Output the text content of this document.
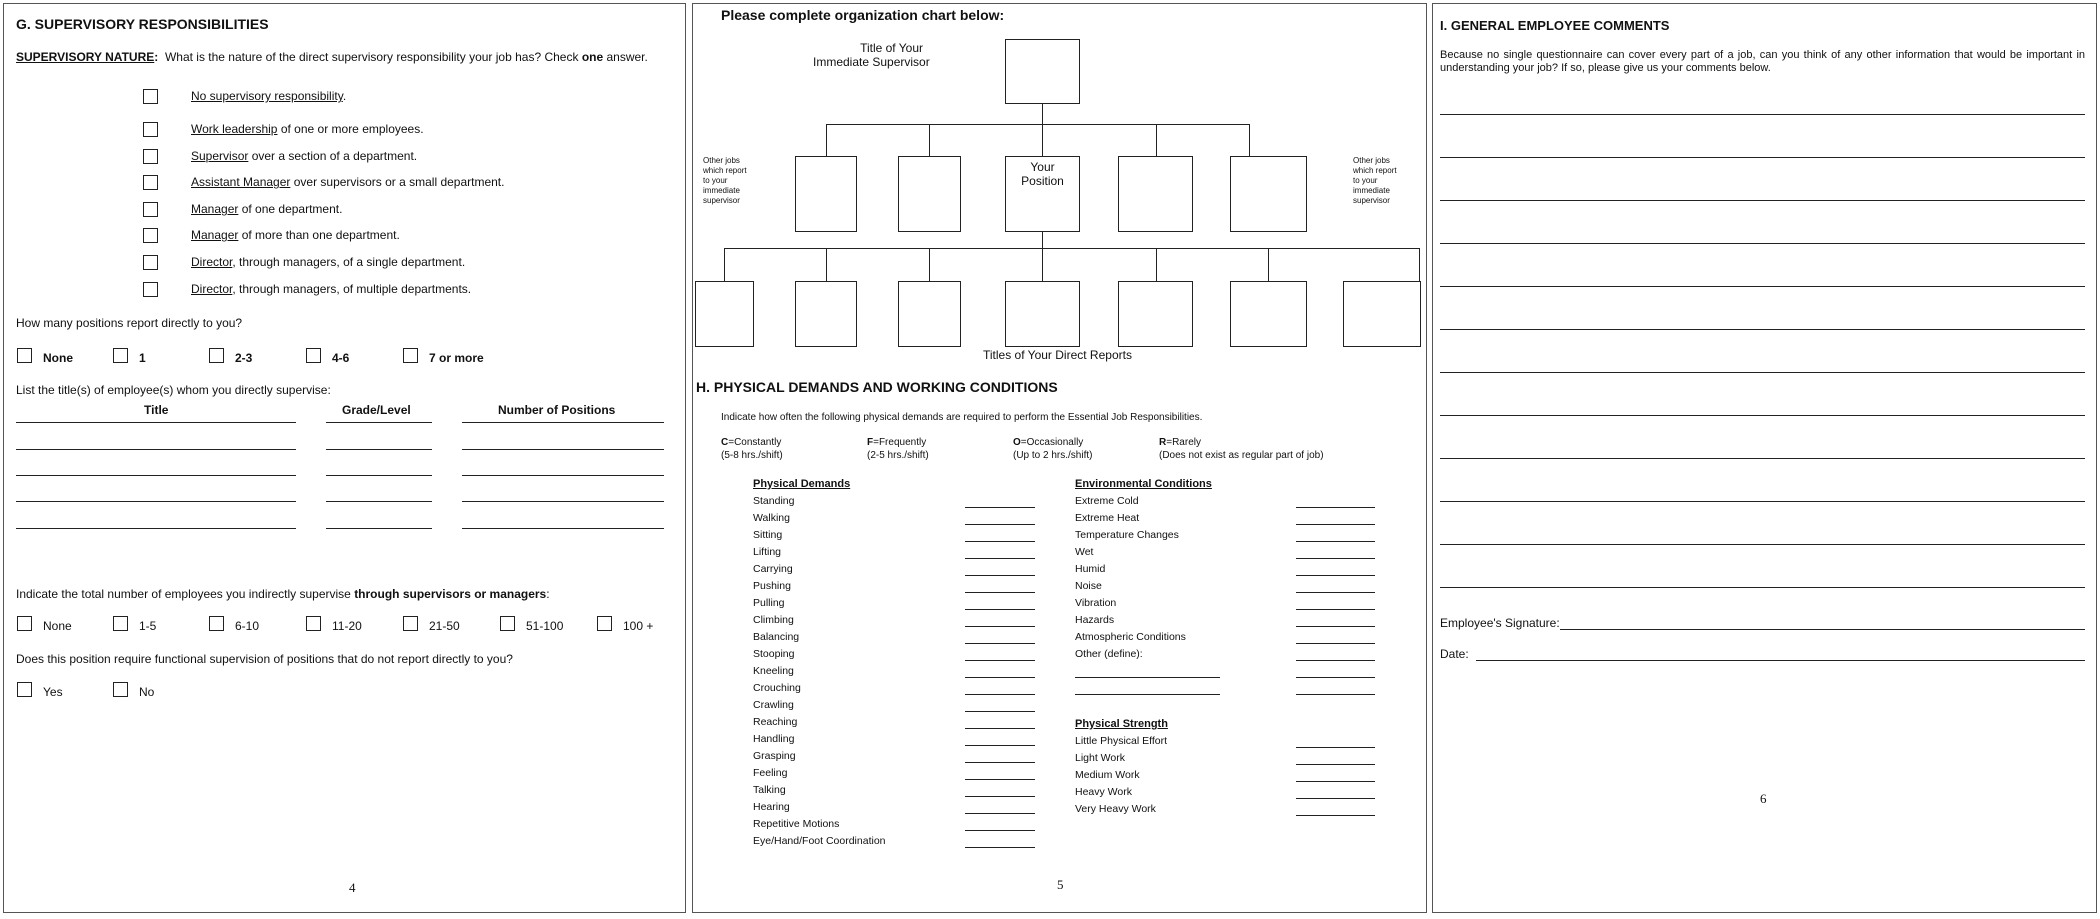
G. SUPERVISORY RESPONSIBILITIES
SUPERVISORY NATURE: What is the nature of the direct supervisory responsibility your job has? Check one answer.
No supervisory responsibility.
Work leadership of one or more employees.
Supervisor over a section of a department.
Assistant Manager over supervisors or a small department.
Manager of one department.
Manager of more than one department.
Director, through managers, of a single department.
Director, through managers, of multiple departments.
How many positions report directly to you?
None	1	2-3	4-6	7 or more
List the title(s) of employee(s) whom you directly supervise:
Title	Grade/Level	Number of Positions
Indicate the total number of employees you indirectly supervise through supervisors or managers:
None	1-5	6-10	11-20	21-50	51-100	100 +
Does this position require functional supervision of positions that do not report directly to you?
Yes	No
4
Please complete organization chart below:
Title of Your
Immediate Supervisor
Your
Position
Other jobs which report to your immediate supervisor
Other jobs which report to your immediate supervisor
Titles of Your Direct Reports
H. PHYSICAL DEMANDS AND WORKING CONDITIONS
Indicate how often the following physical demands are required to perform the Essential Job Responsibilities.
C=Constantly
(5-8 hrs./shift)
F=Frequently
(2-5 hrs./shift)
O=Occasionally
(Up to 2 hrs./shift)
R=Rarely
(Does not exist as regular part of job)
Physical Demands
Standing
Walking
Sitting
Lifting
Carrying
Pushing
Pulling
Climbing
Balancing
Stooping
Kneeling
Crouching
Crawling
Reaching
Handling
Grasping
Feeling
Talking
Hearing
Repetitive Motions
Eye/Hand/Foot Coordination
Environmental Conditions
Extreme Cold
Extreme Heat
Temperature Changes
Wet
Humid
Noise
Vibration
Hazards
Atmospheric Conditions
Other (define):
Physical Strength
Little Physical Effort
Light Work
Medium Work
Heavy Work
Very Heavy Work
5
I. GENERAL EMPLOYEE COMMENTS
Because no single questionnaire can cover every part of a job, can you think of any other information that would be important in understanding your job? If so, please give us your comments below.
Employee's Signature:
Date:
6
